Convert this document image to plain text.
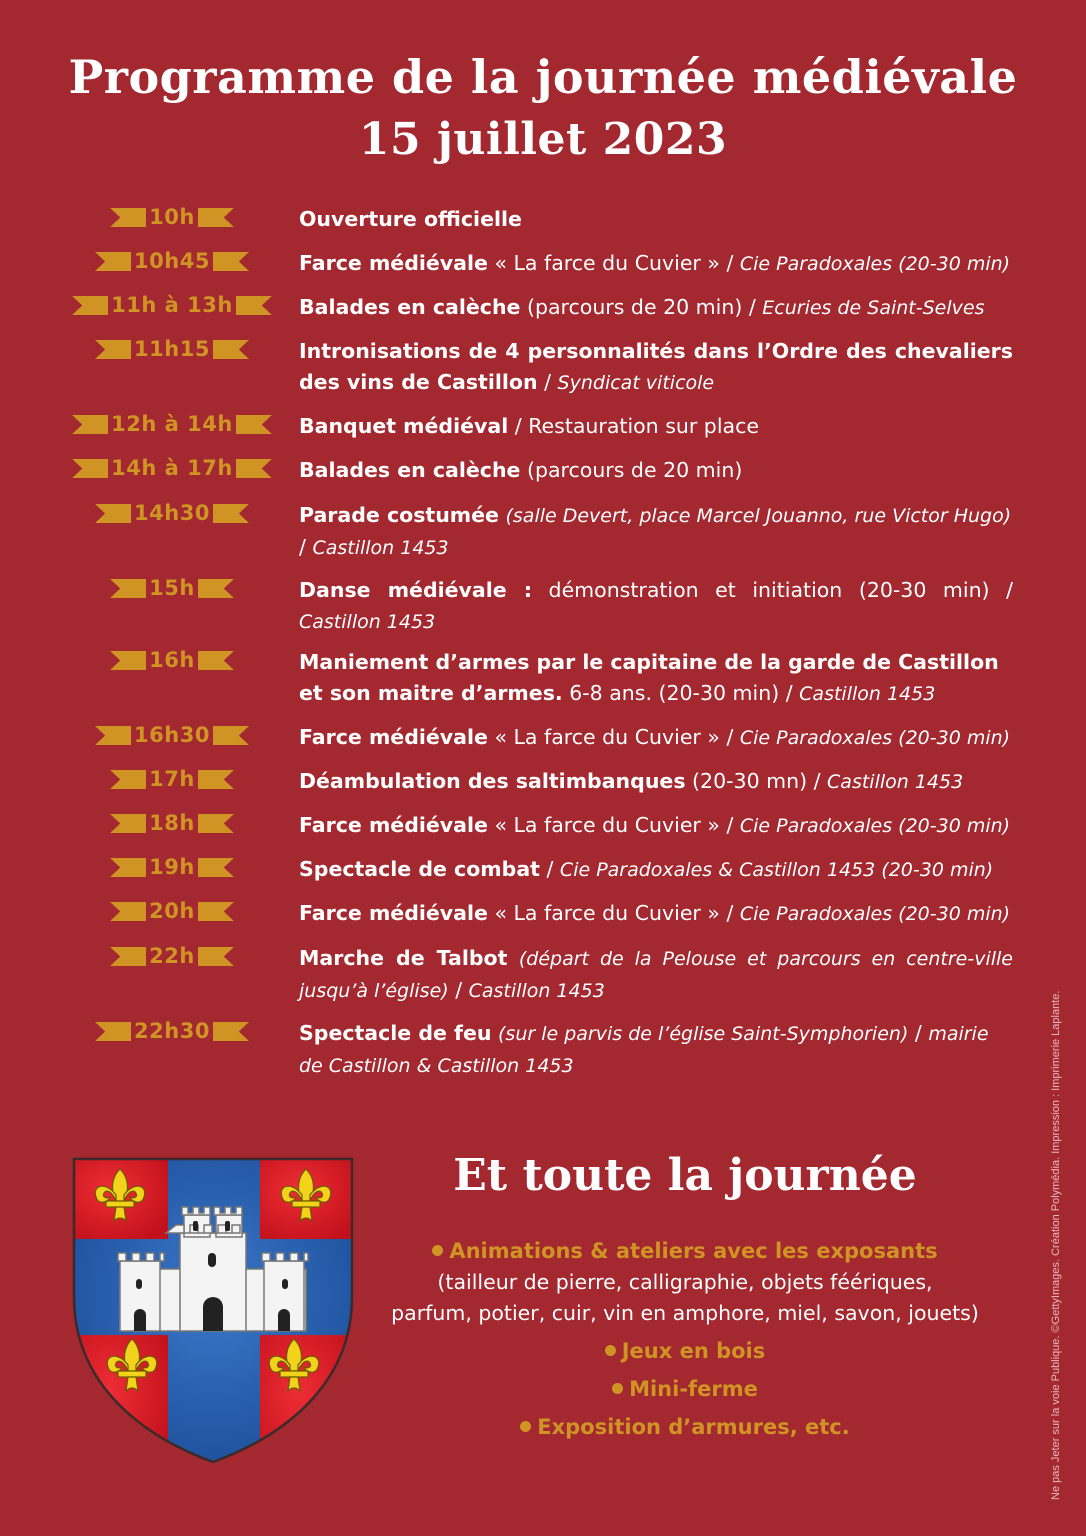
Programme de la journée médiévale
15 juillet 2023
10h	Ouverture officielle
10h45	Farce médiévale « La farce du Cuvier » / Cie Paradoxales (20-30 min)
11h à 13h	Balades en calèche (parcours de 20 min) / Ecuries de Saint-Selves
11h15	Intronisations de 4 personnalités dans l’Ordre des chevaliers des vins de Castillon / Syndicat viticole
12h à 14h	Banquet médiéval / Restauration sur place
14h à 17h	Balades en calèche (parcours de 20 min)
14h30	Parade costumée (salle Devert, place Marcel Jouanno, rue Victor Hugo) / Castillon 1453
15h	Danse médiévale : démonstration et initiation (20-30 min) / Castillon 1453
16h	Maniement d’armes par le capitaine de la garde de Castillon et son maitre d’armes. 6-8 ans. (20-30 min) / Castillon 1453
16h30	Farce médiévale « La farce du Cuvier » / Cie Paradoxales (20-30 min)
17h	Déambulation des saltimbanques (20-30 mn) / Castillon 1453
18h	Farce médiévale « La farce du Cuvier » / Cie Paradoxales (20-30 min)
19h	Spectacle de combat / Cie Paradoxales & Castillon 1453 (20-30 min)
20h	Farce médiévale « La farce du Cuvier » / Cie Paradoxales (20-30 min)
22h	Marche de Talbot (départ de la Pelouse et parcours en centre-ville jusqu’à l’église) / Castillon 1453
22h30	Spectacle de feu (sur le parvis de l’église Saint-Symphorien) / mairie de Castillon & Castillon 1453
Et toute la journée
Animations & ateliers avec les exposants
(tailleur de pierre, calligraphie, objets féériques,
parfum, potier, cuir, vin en amphore, miel, savon, jouets)
Jeux en bois
Mini-ferme
Exposition d’armures, etc.	Ne pas Jeter sur la voie Publique. ©GettyImages. Création Polymédia. Impression : Imprimerie Laplante.
